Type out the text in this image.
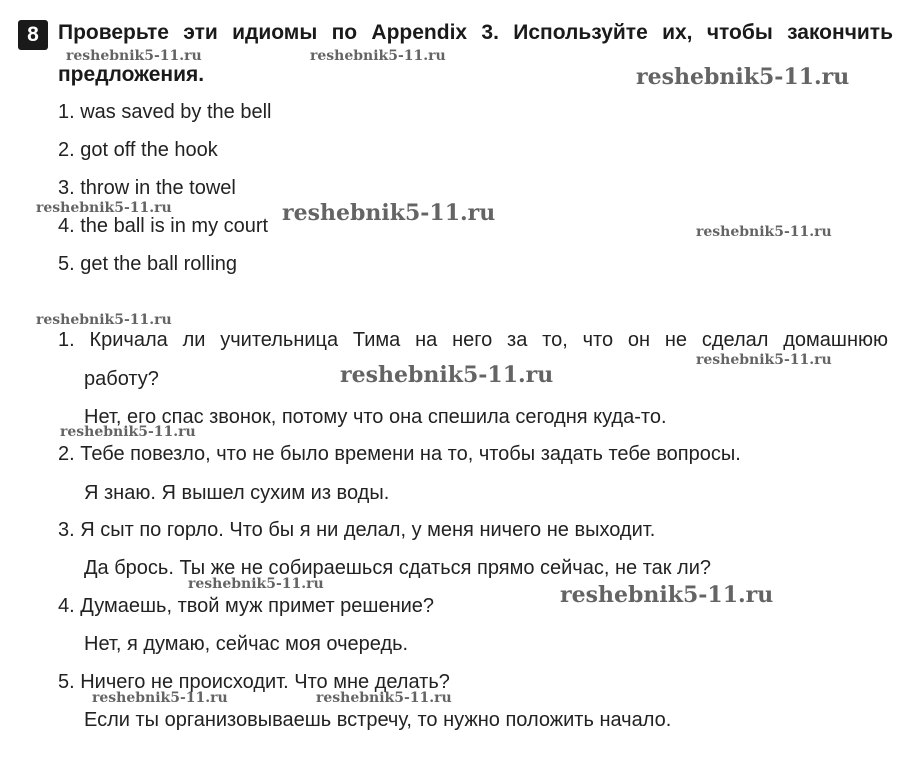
8 Проверьте эти идиомы по Appendix 3. Используйте их, чтобы закончить
предложения.
1. was saved by the bell
2. got off the hook
3. throw in the towel
4. the ball is in my court
5. get the ball rolling
1. Кричала ли учительница Тима на него за то, что он не сделал домашнюю
работу?
Нет, его спас звонок, потому что она спешила сегодня куда-то.
2. Тебе повезло, что не было времени на то, чтобы задать тебе вопросы.
Я знаю. Я вышел сухим из воды.
3. Я сыт по горло. Что бы я ни делал, у меня ничего не выходит.
Да брось. Ты же не собираешься сдаться прямо сейчас, не так ли?
4. Думаешь, твой муж примет решение?
Нет, я думаю, сейчас моя очередь.
5. Ничего не происходит. Что мне делать?
Если ты организовываешь встречу, то нужно положить начало.
reshebnik5-11.ru	reshebnik5-11.ru
reshebnik5-11.ru
reshebnik5-11.ru	reshebnik5-11.ru
reshebnik5-11.ru
reshebnik5-11.ru
reshebnik5-11.ru
reshebnik5-11.ru
reshebnik5-11.ru
reshebnik5-11.ru	reshebnik5-11.ru
reshebnik5-11.ru	reshebnik5-11.ru
